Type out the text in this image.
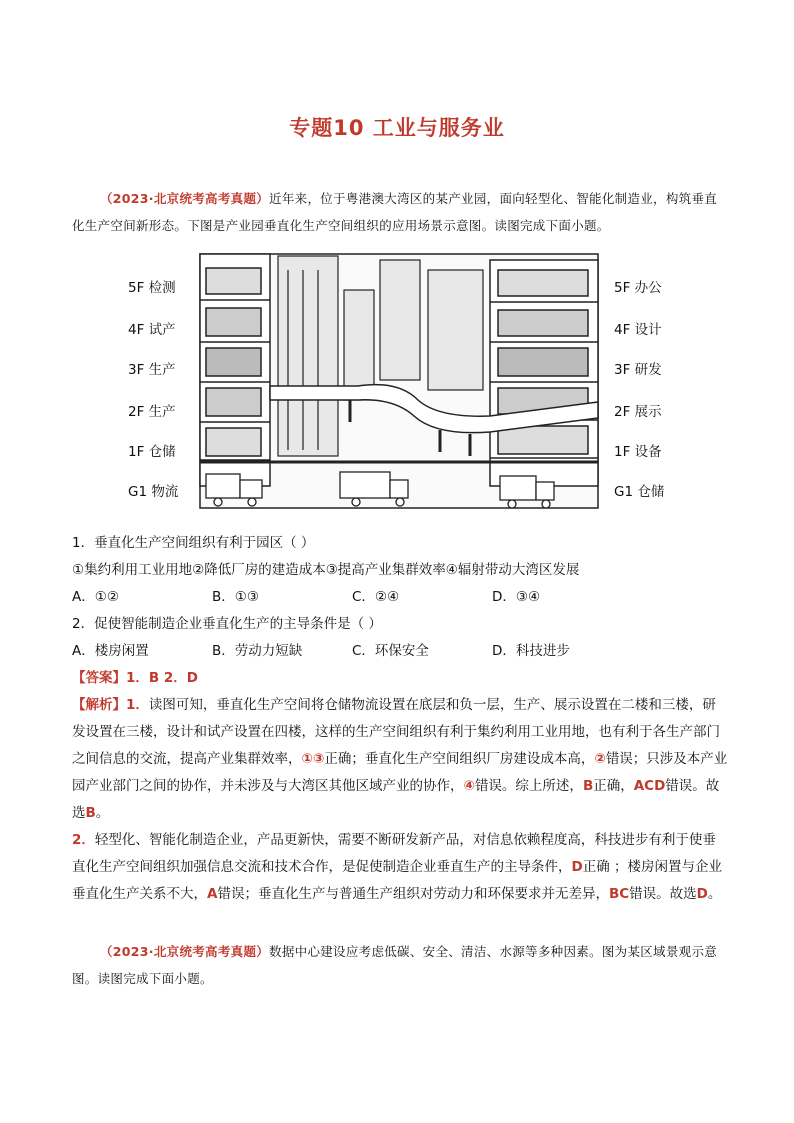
专题10 工业与服务业
（2023·北京统考高考真题）近年来，位于粤港澳大湾区的某产业园，面向轻型化、智能化制造业，构筑垂直化生产空间新形态。下图是产业园垂直化生产空间组织的应用场景示意图。读图完成下面小题。
5F 检测
4F 试产
3F 生产
2F 生产
1F 仓储
G1 物流
5F 办公
4F 设计
3F 研发
2F 展示
1F 设备
G1 仓储
1．垂直化生产空间组织有利于园区（ ）
①集约利用工业用地②降低厂房的建造成本③提高产业集群效率④辐射带动大湾区发展
A．①②	B．①③	C．②④	D．③④
2．促使智能制造企业垂直化生产的主导条件是（ ）
A．楼房闲置	B．劳动力短缺	C．环保安全	D．科技进步
【答案】1．B 2．D
【解析】1．读图可知，垂直化生产空间将仓储物流设置在底层和负一层，生产、展示设置在二楼和三楼，研发设置在三楼，设计和试产设置在四楼，这样的生产空间组织有利于集约利用工业用地，也有利于各生产部门之间信息的交流，提高产业集群效率，①③正确；垂直化生产空间组织厂房建设成本高，②错误；只涉及本产业园产业部门之间的协作，并未涉及与大湾区其他区域产业的协作，④错误。综上所述，B正确，ACD错误。故选B。
2．轻型化、智能化制造企业，产品更新快，需要不断研发新产品，对信息依赖程度高，科技进步有利于使垂直化生产空间组织加强信息交流和技术合作，是促使制造企业垂直生产的主导条件，D正确 ；楼房闲置与企业垂直化生产关系不大，A错误；垂直化生产与普通生产组织对劳动力和环保要求并无差异，BC错误。故选D。
（2023·北京统考高考真题）数据中心建设应考虑低碳、安全、清洁、水源等多种因素。图为某区域景观示意图。读图完成下面小题。
